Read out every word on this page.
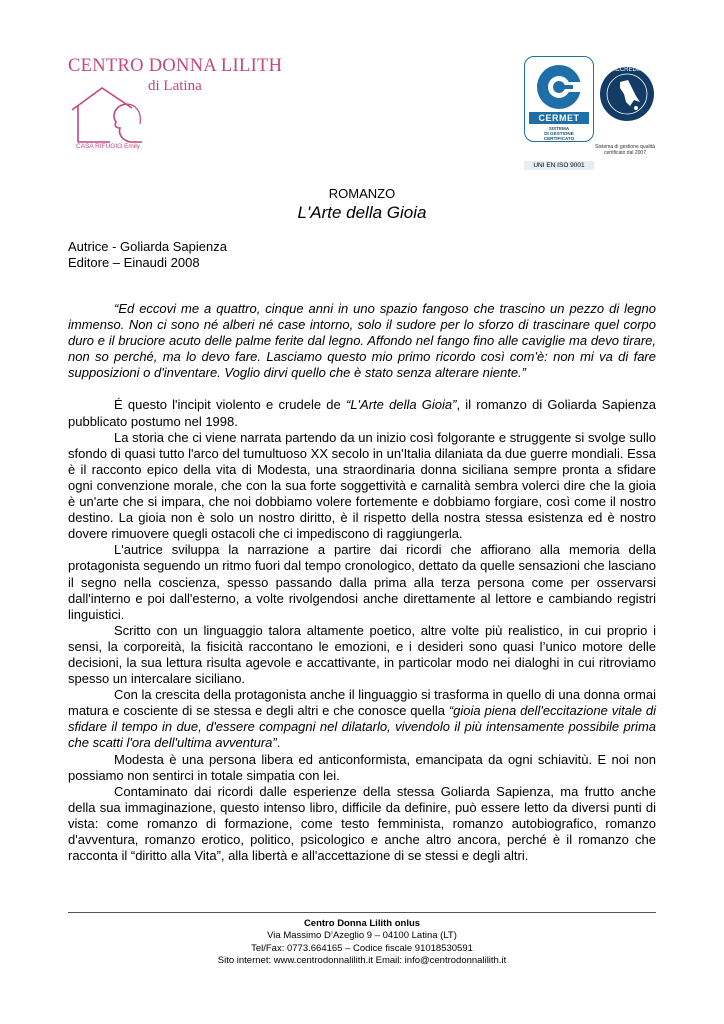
CENTRO DONNA LILITH
di Latina
CASA RIFUGIO Emily
CERMET
SISTEMA
DI GESTIONE
CERTIFICATO
UNI EN ISO 9001
ACCREDIA
Sistema di gestione qualità certificato dal 2007
ROMANZO
L'Arte della Gioia
Autrice - Goliarda Sapienza
Editore – Einaudi 2008

“Ed eccovi me a quattro, cinque anni in uno spazio fangoso che trascino un pezzo di legno immenso. Non ci sono né alberi né case intorno, solo il sudore per lo sforzo di trascinare quel corpo duro e il bruciore acuto delle palme ferite dal legno. Affondo nel fango fino alle caviglie ma devo tirare, non so perché, ma lo devo fare. Lasciamo questo mio primo ricordo così com'è: non mi va di fare supposizioni o d'inventare. Voglio dirvi quello che è stato senza alterare niente.”

É questo l'incipit violento e crudele de “L'Arte della Gioia”, il romanzo di Goliarda Sapienza pubblicato postumo nel 1998.

La storia che ci viene narrata partendo da un inizio così folgorante e struggente si svolge sullo sfondo di quasi tutto l'arco del tumultuoso XX secolo in un'Italia dilaniata da due guerre mondiali. Essa è il racconto epico della vita di Modesta, una straordinaria donna siciliana sempre pronta a sfidare ogni convenzione morale, che con la sua forte soggettività e carnalità sembra volerci dire che la gioia è un'arte che si impara, che noi dobbiamo volere fortemente e dobbiamo forgiare, così come il nostro destino. La gioia non è solo un nostro diritto, è il rispetto della nostra stessa esistenza ed è nostro dovere rimuovere quegli ostacoli che ci impediscono di raggiungerla.

L'autrice sviluppa la narrazione a partire dai ricordi che affiorano alla memoria della protagonista seguendo un ritmo fuori dal tempo cronologico, dettato da quelle sensazioni che lasciano il segno nella coscienza, spesso passando dalla prima alla terza persona come per osservarsi dall'interno e poi dall'esterno, a volte rivolgendosi anche direttamente al lettore e cambiando registri linguistici.

Scritto con un linguaggio talora altamente poetico, altre volte più realistico, in cui proprio i sensi, la corporeità, la fisicità raccontano le emozioni, e i desideri sono quasi l’unico motore delle decisioni, la sua lettura risulta agevole e accattivante, in particolar modo nei dialoghi in cui ritroviamo spesso un intercalare siciliano.

Con la crescita della protagonista anche il linguaggio si trasforma in quello di una donna ormai matura e cosciente di se stessa e degli altri e che conosce quella “gioia piena dell'eccitazione vitale di sfidare il tempo in due, d'essere compagni nel dilatarlo, vivendolo il più intensamente possibile prima che scatti l'ora dell'ultima avventura”.

Modesta è una persona libera ed anticonformista, emancipata da ogni schiavitù. E noi non possiamo non sentirci in totale simpatia con lei.

Contaminato dai ricordi dalle esperienze della stessa Goliarda Sapienza, ma frutto anche della sua immaginazione, questo intenso libro, difficile da definire, può essere letto da diversi punti di vista: come romanzo di formazione, come testo femminista, romanzo autobiografico, romanzo d'avventura, romanzo erotico, politico, psicologico e anche altro ancora, perché è il romanzo che racconta il “diritto alla Vita”, alla libertà e all'accettazione di se stessi e degli altri.

Centro Donna Lilith onlus
Via Massimo D’Azeglio 9 – 04100 Latina (LT)
Tel/Fax: 0773.664165 – Codice fiscale 91018530591
Sito internet: www.centrodonnalilith.it Email: info@centrodonnalilith.it
